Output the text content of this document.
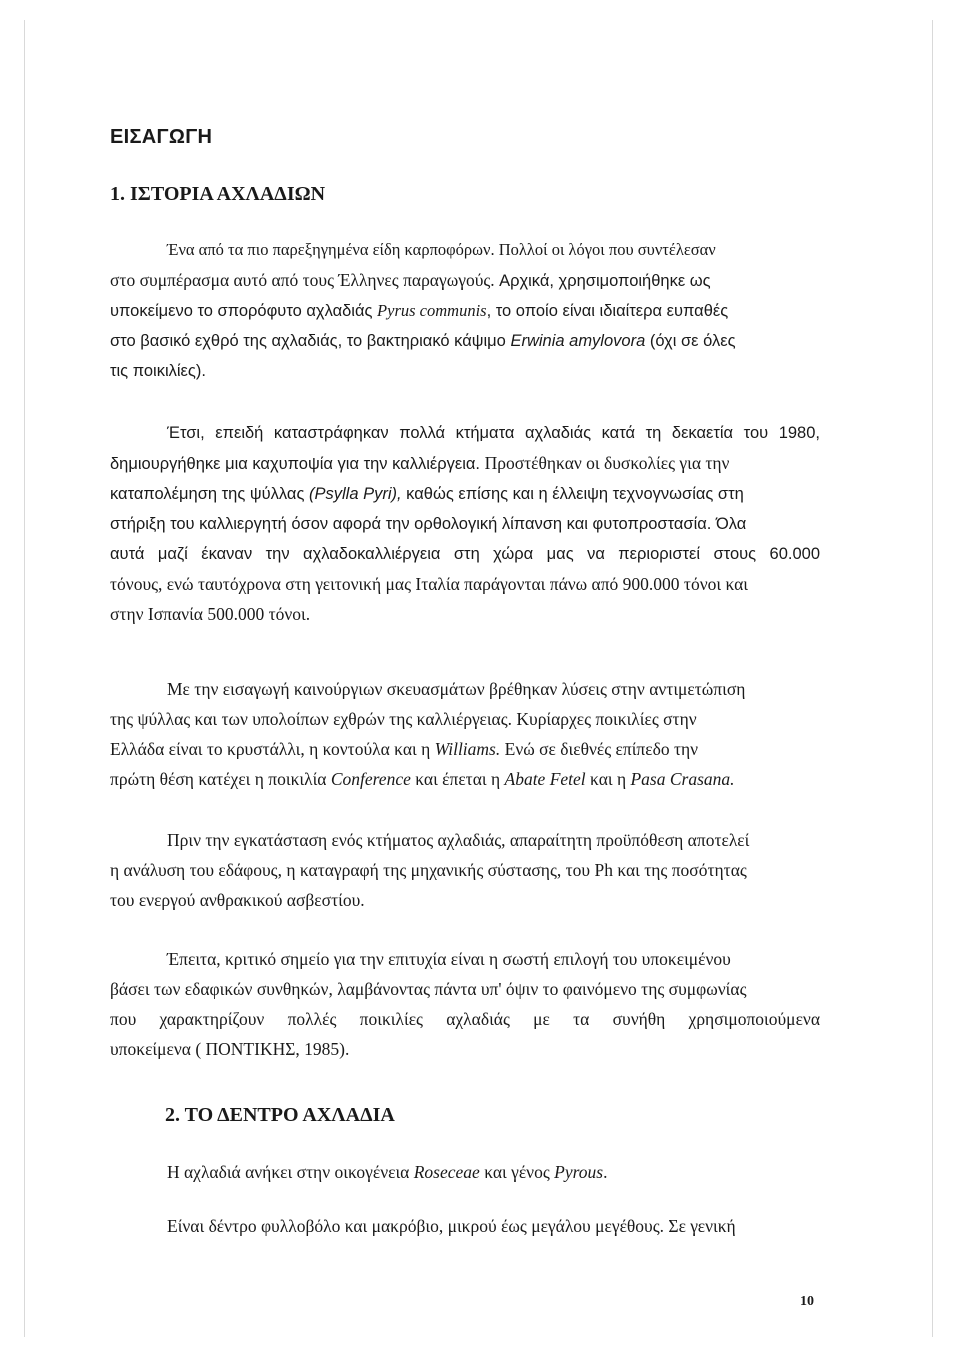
ΕΙΣΑΓΩΓΗ
1. ΙΣΤΟΡΙΑ ΑΧΛΑΔΙΩΝ
Ένα από τα πιο παρεξηγημένα είδη καρποφόρων. Πολλοί οι λόγοι που συντέλεσαν
στο συμπέρασμα αυτό από τους Έλληνες παραγωγούς. Αρχικά, χρησιμοποιήθηκε ως
υποκείμενο το σπορόφυτο αχλαδιάς Pyrus communis, το οποίο είναι ιδιαίτερα ευπαθές
στο βασικό εχθρό της αχλαδιάς, το βακτηριακό κάψιμο Erwinia amylovora (όχι σε όλες
τις ποικιλίες).
Έτσι, επειδή καταστράφηκαν πολλά κτήματα αχλαδιάς κατά τη δεκαετία του 1980,
δημιουργήθηκε μια καχυποψία για την καλλιέργεια. Προστέθηκαν οι δυσκολίες για την
καταπολέμηση της ψύλλας (Psylla Pyri), καθώς επίσης και η έλλειψη τεχνογνωσίας στη
στήριξη του καλλιεργητή όσον αφορά την ορθολογική λίπανση και φυτοπροστασία. Όλα
αυτά μαζί έκαναν την αχλαδοκαλλιέργεια στη χώρα μας να περιοριστεί στους 60.000
τόνους, ενώ ταυτόχρονα στη γειτονική μας Ιταλία παράγονται πάνω από 900.000 τόνοι και
στην Ισπανία 500.000 τόνοι.
Με την εισαγωγή καινούργιων σκευασμάτων βρέθηκαν λύσεις στην αντιμετώπιση
της ψύλλας και των υπολοίπων εχθρών της καλλιέργειας. Κυρίαρχες ποικιλίες στην
Ελλάδα είναι το κρυστάλλι, η κοντούλα και η Williams. Ενώ σε διεθνές επίπεδο την
πρώτη θέση κατέχει η ποικιλία Conference και έπεται η Abate Fetel και η Pasa Crasana.
Πριν την εγκατάσταση ενός κτήματος αχλαδιάς, απαραίτητη προϋπόθεση αποτελεί
η ανάλυση του εδάφους, η καταγραφή της μηχανικής σύστασης, του Ph και της ποσότητας
του ενεργού ανθρακικού ασβεστίου.
Έπειτα, κριτικό σημείο για την επιτυχία είναι η σωστή επιλογή του υποκειμένου
βάσει των εδαφικών συνθηκών, λαμβάνοντας πάντα υπ' όψιν το φαινόμενο της συμφωνίας
που χαρακτηρίζουν πολλές ποικιλίες αχλαδιάς με τα συνήθη χρησιμοποιούμενα
υποκείμενα ( ΠΟΝΤΙΚΗΣ, 1985).
2. ΤΟ ΔΕΝΤΡΟ ΑΧΛΑΔΙΑ
Η αχλαδιά ανήκει στην οικογένεια Roseceae και γένος Pyrous.
Είναι δέντρο φυλλοβόλο και μακρόβιο, μικρού έως μεγάλου μεγέθους. Σε γενική
10
